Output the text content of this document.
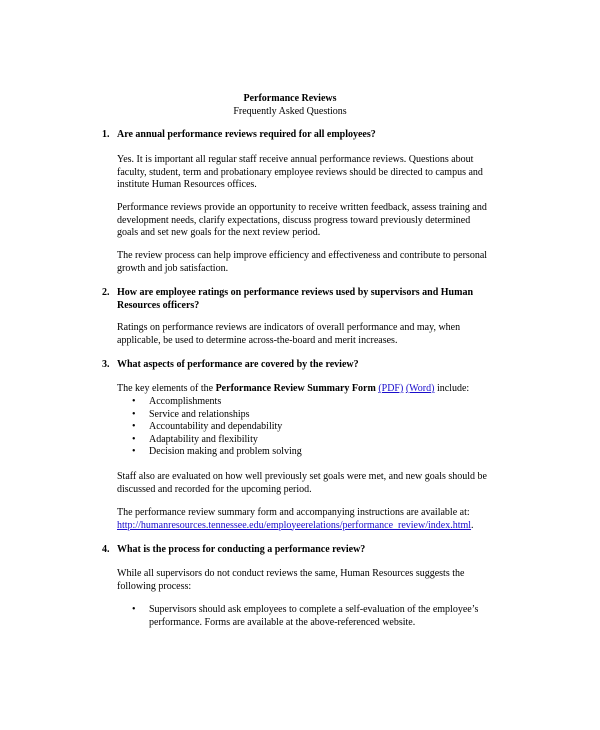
Performance Reviews
Frequently Asked Questions
1. Are annual performance reviews required for all employees?

Yes. It is important all regular staff receive annual performance reviews. Questions about faculty, student, term and probationary employee reviews should be directed to campus and institute Human Resources offices.

Performance reviews provide an opportunity to receive written feedback, assess training and development needs, clarify expectations, discuss progress toward previously determined goals and set new goals for the next review period.

The review process can help improve efficiency and effectiveness and contribute to personal growth and job satisfaction.

2. How are employee ratings on performance reviews used by supervisors and Human Resources officers?

Ratings on performance reviews are indicators of overall performance and may, when applicable, be used to determine across-the-board and merit increases.

3. What aspects of performance are covered by the review?

The key elements of the Performance Review Summary Form (PDF) (Word) include:

• Accomplishments
• Service and relationships
• Accountability and dependability
• Adaptability and flexibility
• Decision making and problem solving

Staff also are evaluated on how well previously set goals were met, and new goals should be discussed and recorded for the upcoming period.

The performance review summary form and accompanying instructions are available at:
http://humanresources.tennessee.edu/employeerelations/performance_review/index.html.

4. What is the process for conducting a performance review?

While all supervisors do not conduct reviews the same, Human Resources suggests the following process:

• Supervisors should ask employees to complete a self-evaluation of the employee’s performance. Forms are available at the above-referenced website.
